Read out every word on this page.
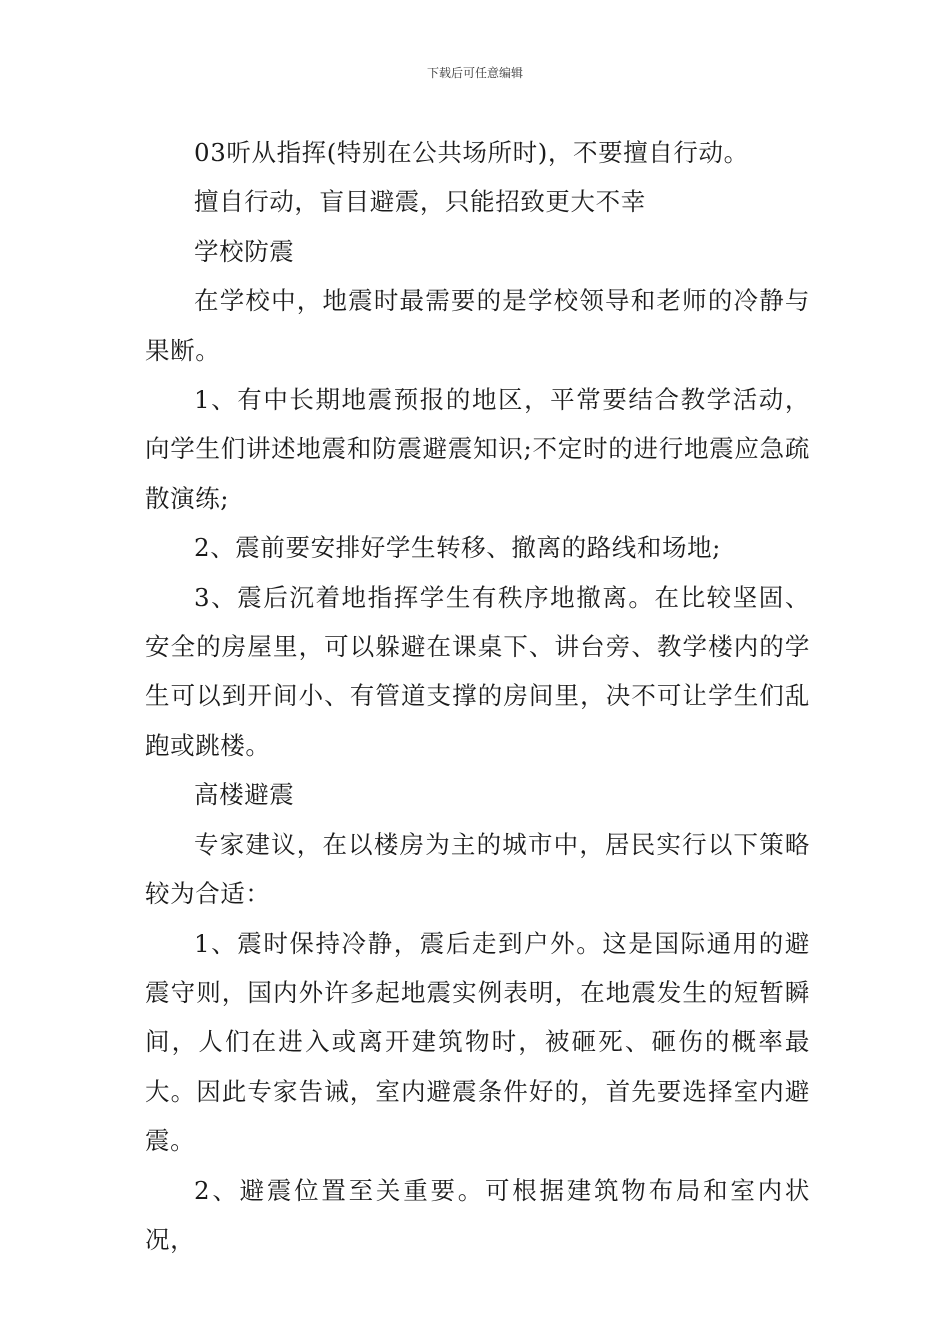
下载后可任意编辑

03听从指挥(特别在公共场所时)，不要擅自行动。

擅自行动，盲目避震，只能招致更大不幸

学校防震

在学校中，地震时最需要的是学校领导和老师的冷静与果断。

1、有中长期地震预报的地区，平常要结合教学活动，向学生们讲述地震和防震避震知识;不定时的进行地震应急疏散演练;

2、震前要安排好学生转移、撤离的路线和场地;

3、震后沉着地指挥学生有秩序地撤离。在比较坚固、安全的房屋里，可以躲避在课桌下、讲台旁、教学楼内的学生可以到开间小、有管道支撑的房间里，决不可让学生们乱跑或跳楼。

高楼避震

专家建议，在以楼房为主的城市中，居民实行以下策略较为合适：

1、震时保持冷静，震后走到户外。这是国际通用的避震守则，国内外许多起地震实例表明，在地震发生的短暂瞬间，人们在进入或离开建筑物时，被砸死、砸伤的概率最大。因此专家告诫，室内避震条件好的，首先要选择室内避震。

2、避震位置至关重要。可根据建筑物布局和室内状况，
